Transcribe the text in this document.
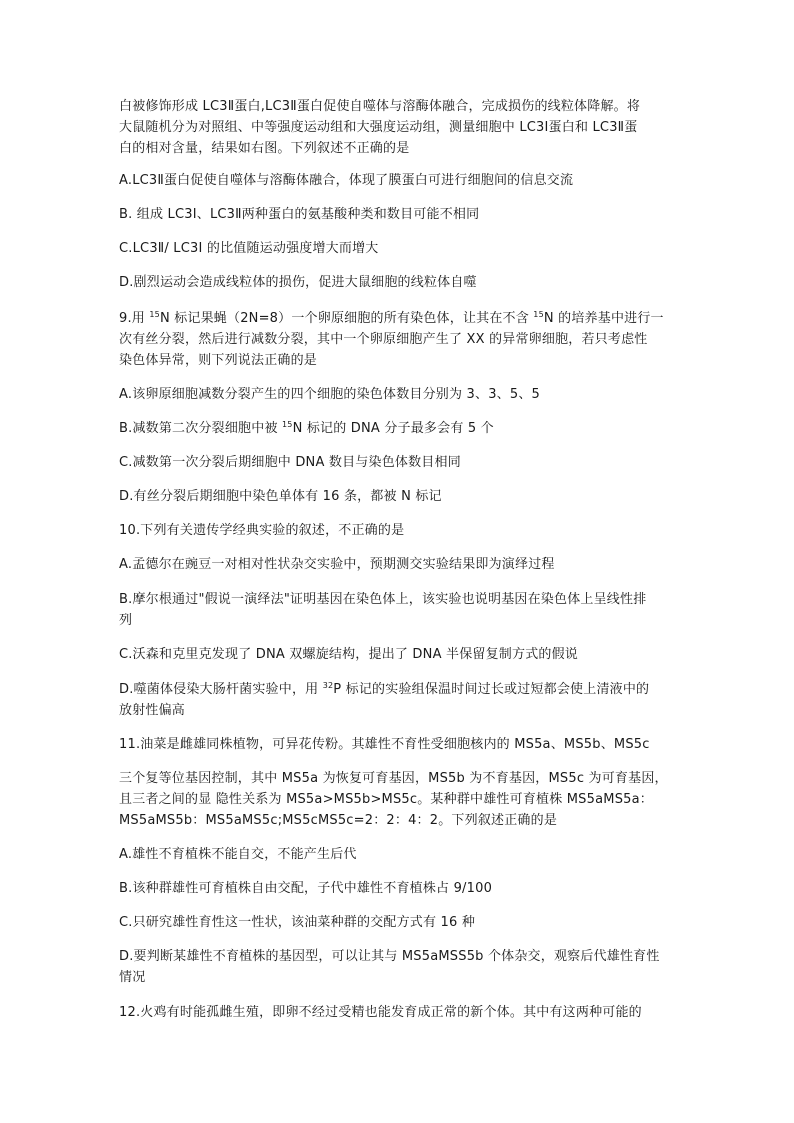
白被修饰形成 LC3Ⅱ蛋白,LC3Ⅱ蛋白促使自噬体与溶酶体融合，完成损伤的线粒体降解。将

大鼠随机分为对照组、中等强度运动组和大强度运动组，测量细胞中 LC3Ⅰ蛋白和 LC3Ⅱ蛋

白的相对含量，结果如右图。下列叙述不正确的是

A.LC3Ⅱ蛋白促使自噬体与溶酶体融合，体现了膜蛋白可进行细胞间的信息交流

B. 组成 LC3Ⅰ、LC3Ⅱ两种蛋白的氨基酸种类和数目可能不相同

C.LC3Ⅱ/ LC3I 的比值随运动强度增大而增大

D.剧烈运动会造成线粒体的损伤，促进大鼠细胞的线粒体自噬

9.用 $^{15}$N 标记果蝇（2N=8）一个卵原细胞的所有染色体，让其在不含 $^{15}$N 的培养基中进行一

次有丝分裂，然后进行减数分裂，其中一个卵原细胞产生了 XX 的异常卵细胞，若只考虑性

染色体异常，则下列说法正确的是

A.该卵原细胞减数分裂产生的四个细胞的染色体数目分别为 3、3、5、5

B.减数第二次分裂细胞中被 $^{15}$N 标记的 DNA 分子最多会有 5 个

C.减数第一次分裂后期细胞中 DNA 数目与染色体数目相同

D.有丝分裂后期细胞中染色单体有 16 条，都被 N 标记

10.下列有关遗传学经典实验的叙述，不正确的是

A.孟德尔在豌豆一对相对性状杂交实验中，预期测交实验结果即为演绎过程

B.摩尔根通过"假说一演绎法"证明基因在染色体上，该实验也说明基因在染色体上呈线性排

列

C.沃森和克里克发现了 DNA 双螺旋结构，提出了 DNA 半保留复制方式的假说

D.噬菌体侵染大肠杆菌实验中，用 $^{32}$P 标记的实验组保温时间过长或过短都会使上清液中的

放射性偏高

11.油菜是雌雄同株植物，可异花传粉。其雄性不育性受细胞核内的 MS5a、MS5b、MS5c

三个复等位基因控制，其中 MS5a 为恢复可育基因，MS5b 为不育基因，MS5c 为可育基因，

且三者之间的显 隐性关系为 MS5a>MS5b>MS5c。某种群中雄性可育植株 MS5aMS5a：

MS5aMS5b：MS5aMS5c;MS5cMS5c=2：2：4：2。下列叙述正确的是

A.雄性不育植株不能自交，不能产生后代

B.该种群雄性可育植株自由交配，子代中雄性不育植株占 9/100

C.只研究雄性育性这一性状，该油菜种群的交配方式有 16 种

D.要判断某雄性不育植株的基因型，可以让其与 MS5aMSS5b 个体杂交，观察后代雄性育性

情况

12.火鸡有时能孤雌生殖，即卵不经过受精也能发育成正常的新个体。其中有这两种可能的
